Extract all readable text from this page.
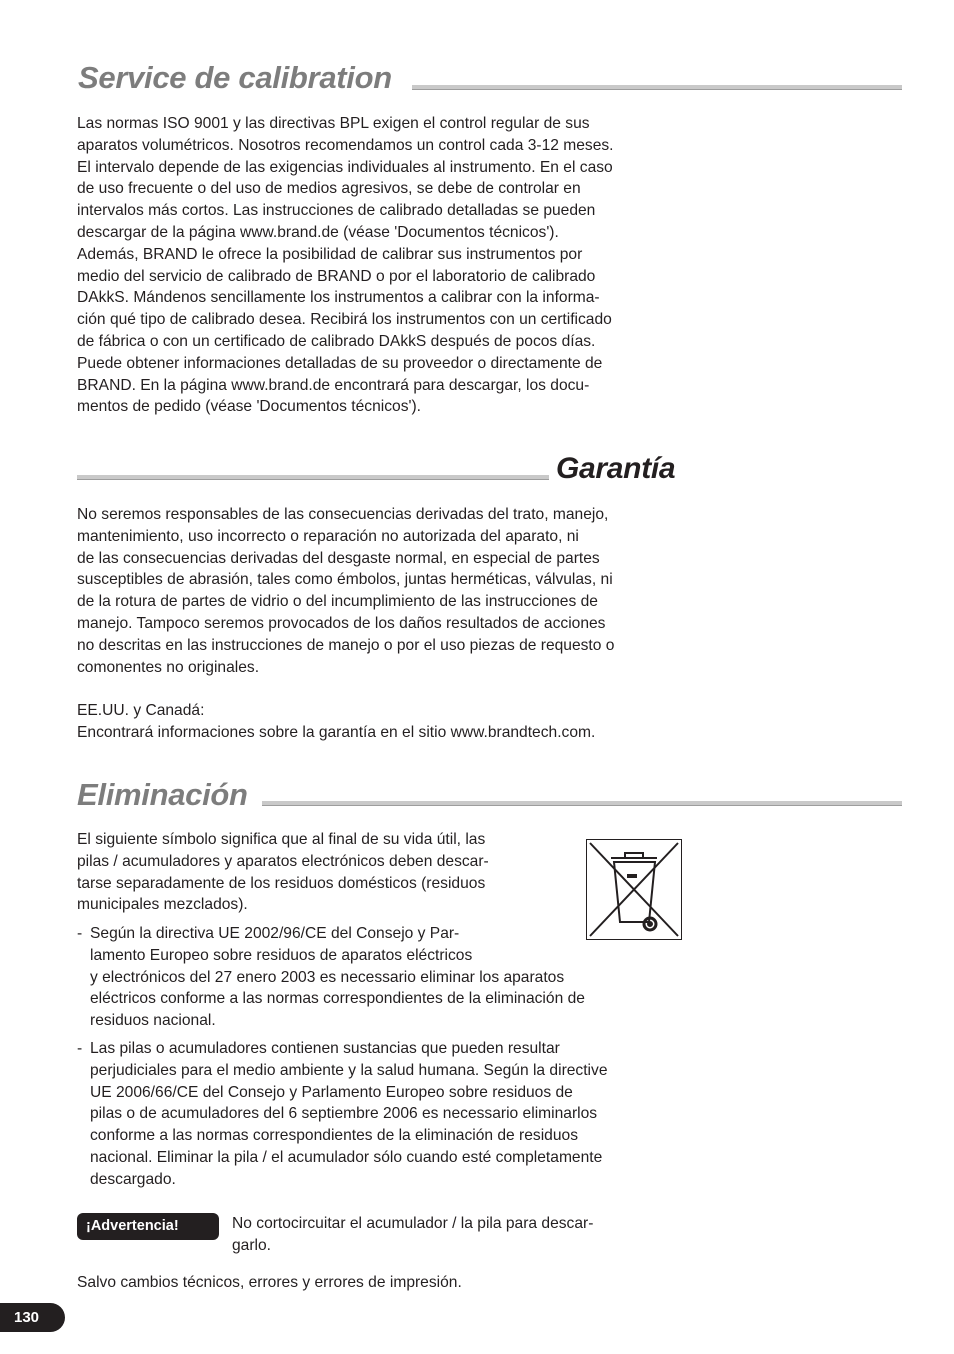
Service de calibration

Las normas ISO 9001 y las directivas BPL exigen el control regular de sus
aparatos volumétricos. Nosotros recomendamos un control cada 3-12 meses.
El intervalo depende de las exigencias individuales al instrumento. En el caso
de uso frecuente o del uso de medios agresivos, se debe de controlar en
intervalos más cortos. Las instrucciones de calibrado detalladas se pueden
descargar de la página www.brand.de (véase 'Documentos técnicos').
Además, BRAND le ofrece la posibilidad de calibrar sus instrumentos por
medio del servicio de calibrado de BRAND o por el laboratorio de calibrado
DAkkS. Mándenos sencillamente los instrumentos a calibrar con la informa-
ción qué tipo de calibrado desea. Recibirá los instrumentos con un certificado
de fábrica o con un certificado de calibrado DAkkS después de pocos días.
Puede obtener informaciones detalladas de su proveedor o directamente de
BRAND. En la página www.brand.de encontrará para descargar, los docu-
mentos de pedido (véase 'Documentos técnicos').

Garantía

No seremos responsables de las consecuencias derivadas del trato, manejo,
mantenimiento, uso incorrecto o reparación no autorizada del aparato, ni
de las consecuencias derivadas del desgaste normal, en especial de partes
susceptibles de abrasión, tales como émbolos, juntas herméticas, válvulas, ni
de la rotura de partes de vidrio o del incumplimiento de las instrucciones de
manejo. Tampoco seremos provocados de los daños resultados de acciones
no descritas en las instrucciones de manejo o por el uso piezas de requesto o
comonentes no originales.

EE.UU. y Canadá:
Encontrará informaciones sobre la garantía en el sitio www.brandtech.com.

Eliminación

El siguiente símbolo significa que al final de su vida útil, las
pilas / acumuladores y aparatos electrónicos deben descar-
tarse separadamente de los residuos domésticos (residuos
municipales mezclados).

- Según la directiva UE 2002/96/CE del Consejo y Par-
lamento Europeo sobre residuos de aparatos eléctricos
y electrónicos del 27 enero 2003 es necessario eliminar los aparatos
eléctricos conforme a las normas correspondientes de la eliminación de
residuos nacional.
- Las pilas o acumuladores contienen sustancias que pueden resultar
perjudiciales para el medio ambiente y la salud humana. Según la directive
UE 2006/66/CE del Consejo y Parlamento Europeo sobre residuos de
pilas o de acumuladores del 6 septiembre 2006 es necessario eliminarlos
conforme a las normas correspondientes de la eliminación de residuos
nacional. Eliminar la pila / el acumulador sólo cuando esté completamente
descargado.
¡Advertencia!	No cortocircuitar el acumulador / la pila para descar-
garlo.

Salvo cambios técnicos, errores y errores de impresión.

130
